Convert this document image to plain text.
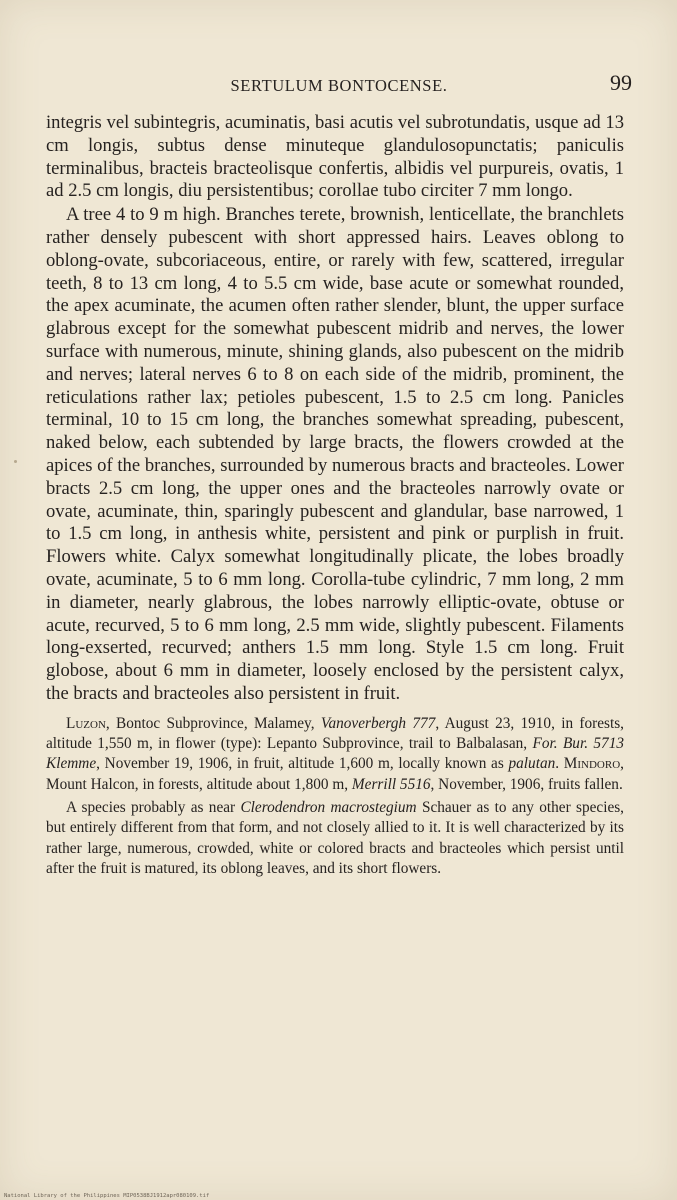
SERTULUM BONTOCENSE.	99

integris vel subintegris, acuminatis, basi acutis vel subrotundatis, usque ad 13 cm longis, subtus dense minuteque glandulosopunctatis; paniculis terminalibus, bracteis bracteolisque confertis, albidis vel purpureis, ovatis, 1 ad 2.5 cm longis, diu persistentibus; corollae tubo circiter 7 mm longo.

A tree 4 to 9 m high. Branches terete, brownish, lenticellate, the branchlets rather densely pubescent with short appressed hairs. Leaves oblong to oblong-ovate, subcoriaceous, entire, or rarely with few, scattered, irregular teeth, 8 to 13 cm long, 4 to 5.5 cm wide, base acute or somewhat rounded, the apex acuminate, the acumen often rather slender, blunt, the upper surface glabrous except for the somewhat pubescent midrib and nerves, the lower surface with numerous, minute, shining glands, also pubescent on the midrib and nerves; lateral nerves 6 to 8 on each side of the midrib, prominent, the reticulations rather lax; petioles pubescent, 1.5 to 2.5 cm long. Panicles terminal, 10 to 15 cm long, the branches somewhat spreading, pubescent, naked below, each subtended by large bracts, the flowers crowded at the apices of the branches, surrounded by numerous bracts and bracteoles. Lower bracts 2.5 cm long, the upper ones and the bracteoles narrowly ovate or ovate, acuminate, thin, sparingly pubescent and glandular, base narrowed, 1 to 1.5 cm long, in anthesis white, persistent and pink or purplish in fruit. Flowers white. Calyx somewhat longitudinally plicate, the lobes broadly ovate, acuminate, 5 to 6 mm long. Corolla-tube cylindric, 7 mm long, 2 mm in diameter, nearly glabrous, the lobes narrowly elliptic-ovate, obtuse or acute, recurved, 5 to 6 mm long, 2.5 mm wide, slightly pubescent. Filaments long-exserted, recurved; anthers 1.5 mm long. Style 1.5 cm long. Fruit globose, about 6 mm in diameter, loosely enclosed by the persistent calyx, the bracts and bracteoles also persistent in fruit.

Luzon, Bontoc Subprovince, Malamey, Vanoverbergh 777, August 23, 1910, in forests, altitude 1,550 m, in flower (type): Lepanto Subprovince, trail to Balbalasan, For. Bur. 5713 Klemme, November 19, 1906, in fruit, altitude 1,600 m, locally known as palutan. Mindoro, Mount Halcon, in forests, altitude about 1,800 m, Merrill 5516, November, 1906, fruits fallen.

A species probably as near Clerodendron macrostegium Schauer as to any other species, but entirely different from that form, and not closely allied to it. It is well characterized by its rather large, numerous, crowded, white or colored bracts and bracteoles which persist until after the fruit is matured, its oblong leaves, and its short flowers.

National Library of the Philippines MIP0538BJ1912apr080109.tif
